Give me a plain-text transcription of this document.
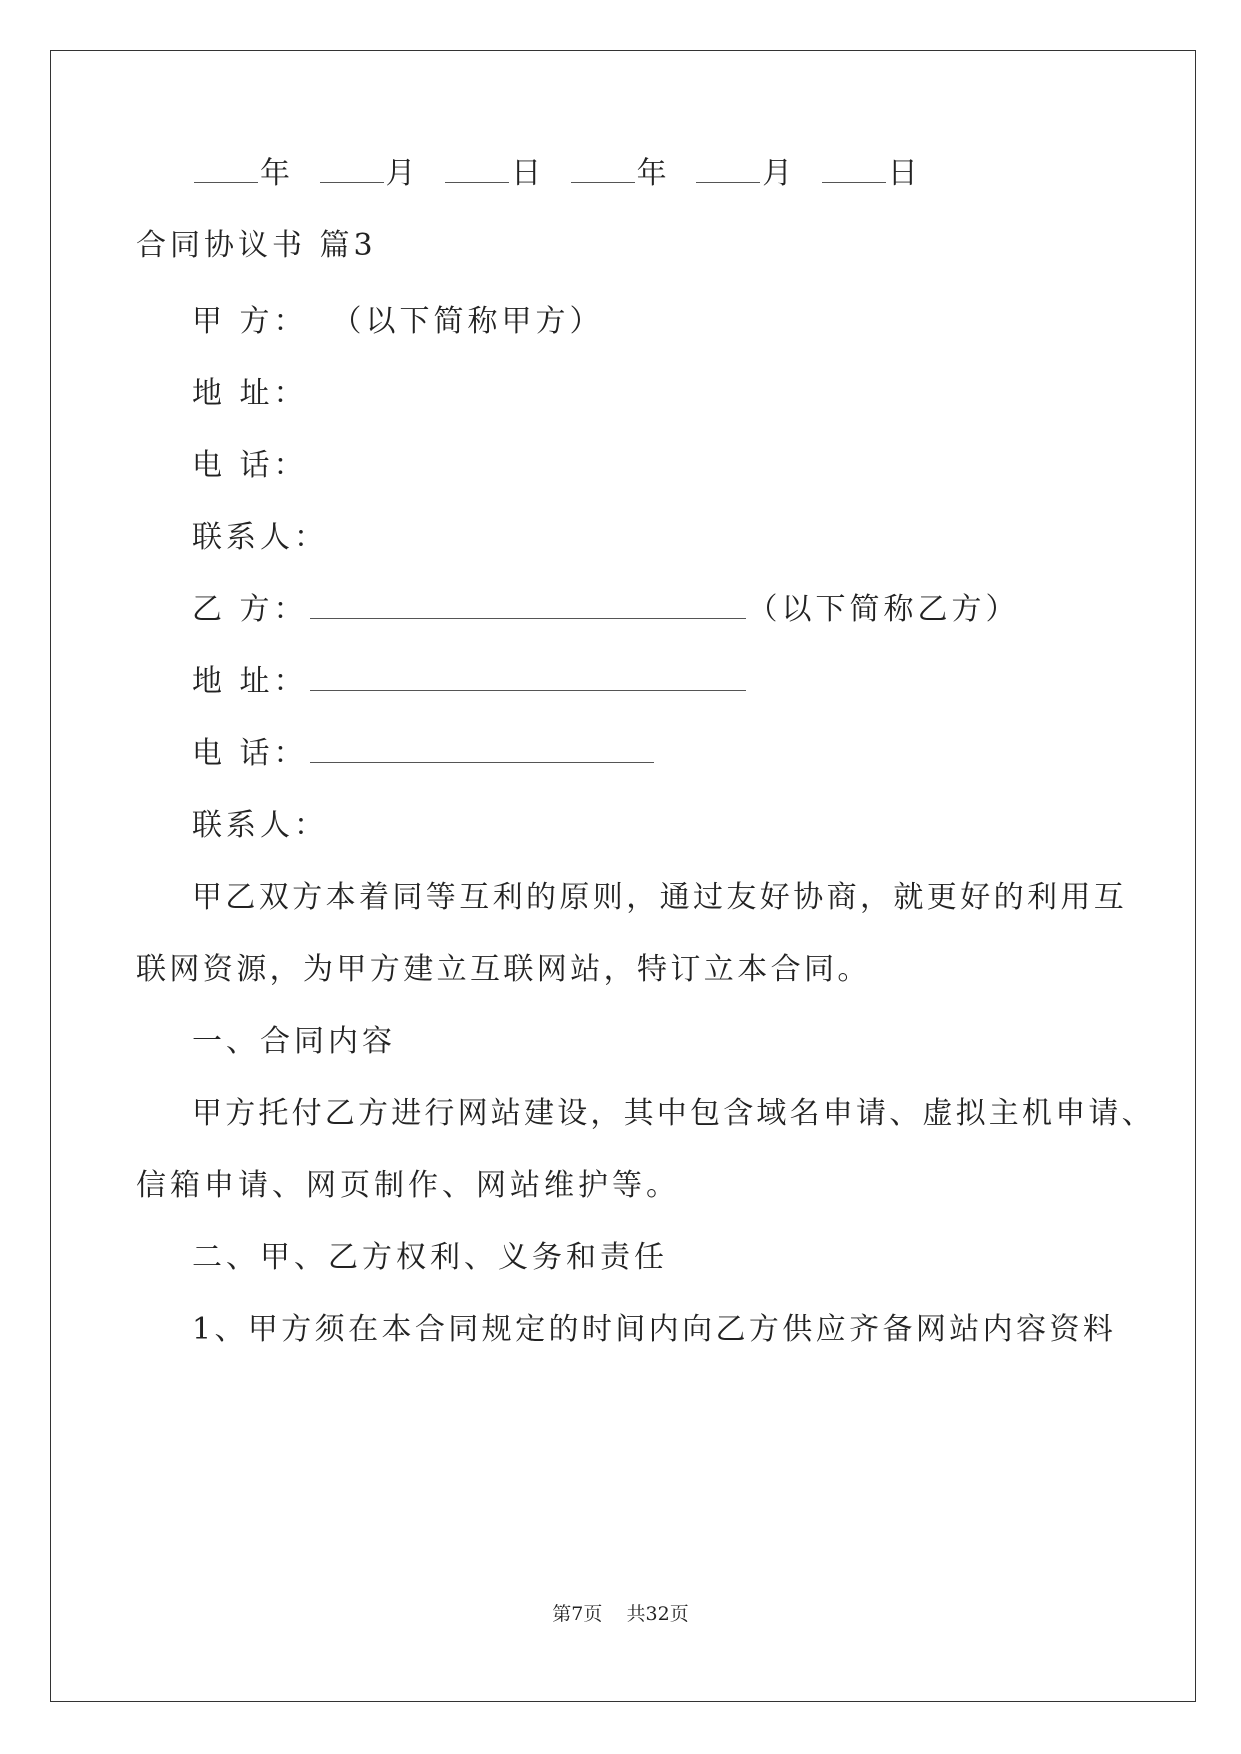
年	月	日	年	月	日
合同协议书 篇3
甲 方： （以下简称甲方）
地 址：
电 话：
联系人：
乙 方：	（以下简称乙方）
地 址：
电 话：
联系人：
甲乙双方本着同等互利的原则，通过友好协商，就更好的利用互
联网资源，为甲方建立互联网站，特订立本合同。
一、合同内容
甲方托付乙方进行网站建设，其中包含域名申请、虚拟主机申请、
信箱申请、网页制作、网站维护等。
二、甲、乙方权利、义务和责任
1、甲方须在本合同规定的时间内向乙方供应齐备网站内容资料
第7页 共32页
